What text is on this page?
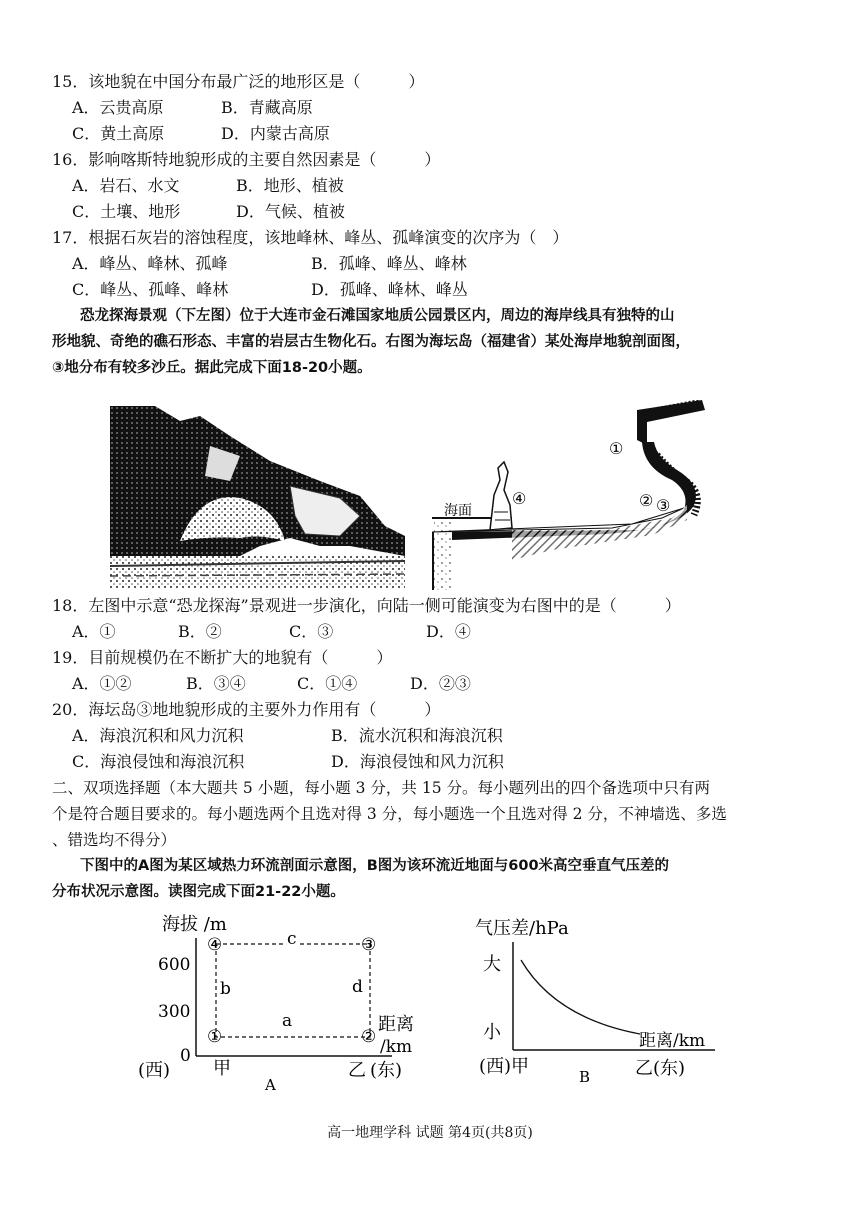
15．该地貌在中国分布最广泛的地形区是（　　　）
A．云贵高原	B．青藏高原
C．黄土高原	D．内蒙古高原
16．影响喀斯特地貌形成的主要自然因素是（　　　）
A．岩石、水文	B．地形、植被
C．土壤、地形	D．气候、植被
17．根据石灰岩的溶蚀程度，该地峰林、峰丛、孤峰演变的次序为（　）
A．峰丛、峰林、孤峰	B．孤峰、峰丛、峰林
C．峰丛、孤峰、峰林	D．孤峰、峰林、峰丛
恐龙探海景观（下左图）位于大连市金石滩国家地质公园景区内，周边的海岸线具有独特的山
形地貌、奇绝的礁石形态、丰富的岩层古生物化石。右图为海坛岛（福建省）某处海岸地貌剖面图，
③地分布有较多沙丘。据此完成下面18-20小题。
海面
①
② ③
④
18．左图中示意“恐龙探海”景观进一步演化，向陆一侧可能演变为右图中的是（　　　）
A．①	B．②	C．③	D．④
19．目前规模仍在不断扩大的地貌有（　　　）
A．①②	B．③④	C．①④	D．②③
20．海坛岛③地地貌形成的主要外力作用有（　　　）
A．海浪沉积和风力沉积	B．流水沉积和海浪沉积
C．海浪侵蚀和海浪沉积	D．海浪侵蚀和风力沉积
二、双项选择题（本大题共 5 小题，每小题 3 分，共 15 分。每小题列出的四个备选项中只有两
个是符合题目要求的。每小题选两个且选对得 3 分，每小题选一个且选对得 2 分，不神墙选、多选
、错选均不得分）
下图中的A图为某区域热力环流剖面示意图，B图为该环流近地面与600米高空垂直气压差的
分布状况示意图。读图完成下面21-22小题。
海拔 /m
600
300
0
④	③
①	②
c
b
a
d
距离
/km
(西) 甲	乙 (东)
A
气压差/hPa
大
小	距离/km
(西)甲	乙(东)
B
高一地理学科 试题 第4页(共8页)
